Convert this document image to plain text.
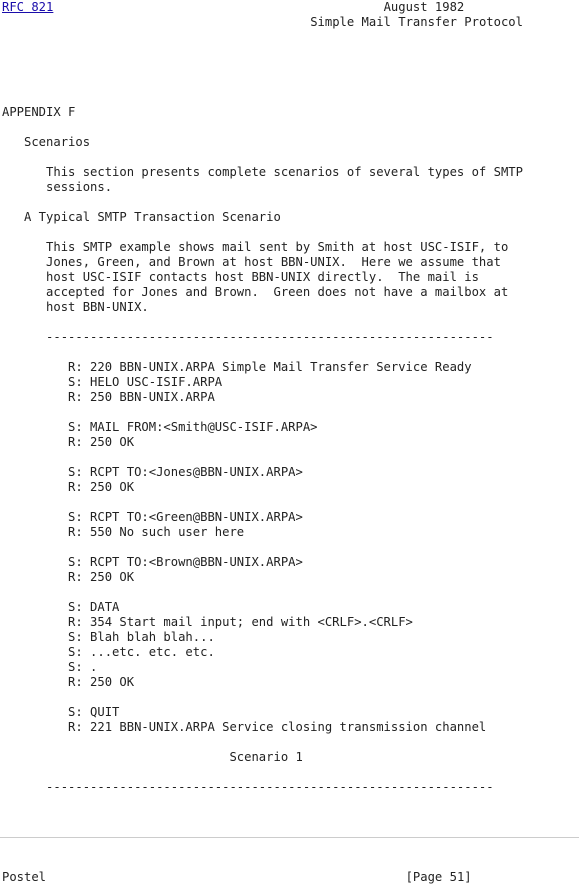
RFC 821	August 1982
Simple Mail Transfer Protocol
APPENDIX F
Scenarios
This section presents complete scenarios of several types of SMTP
sessions.
A Typical SMTP Transaction Scenario
This SMTP example shows mail sent by Smith at host USC-ISIF, to
Jones, Green, and Brown at host BBN-UNIX.  Here we assume that
host USC-ISIF contacts host BBN-UNIX directly.  The mail is
accepted for Jones and Brown.  Green does not have a mailbox at
host BBN-UNIX.
-------------------------------------------------------------
R: 220 BBN-UNIX.ARPA Simple Mail Transfer Service Ready
S: HELO USC-ISIF.ARPA
R: 250 BBN-UNIX.ARPA
S: MAIL FROM:<Smith@USC-ISIF.ARPA>
R: 250 OK
S: RCPT TO:<Jones@BBN-UNIX.ARPA>
R: 250 OK
S: RCPT TO:<Green@BBN-UNIX.ARPA>
R: 550 No such user here
S: RCPT TO:<Brown@BBN-UNIX.ARPA>
R: 250 OK
S: DATA
R: 354 Start mail input; end with <CRLF>.<CRLF>
S: Blah blah blah...
S: ...etc. etc. etc.
S: .
R: 250 OK
S: QUIT
R: 221 BBN-UNIX.ARPA Service closing transmission channel
Scenario 1
-------------------------------------------------------------
Postel	[Page 51]
